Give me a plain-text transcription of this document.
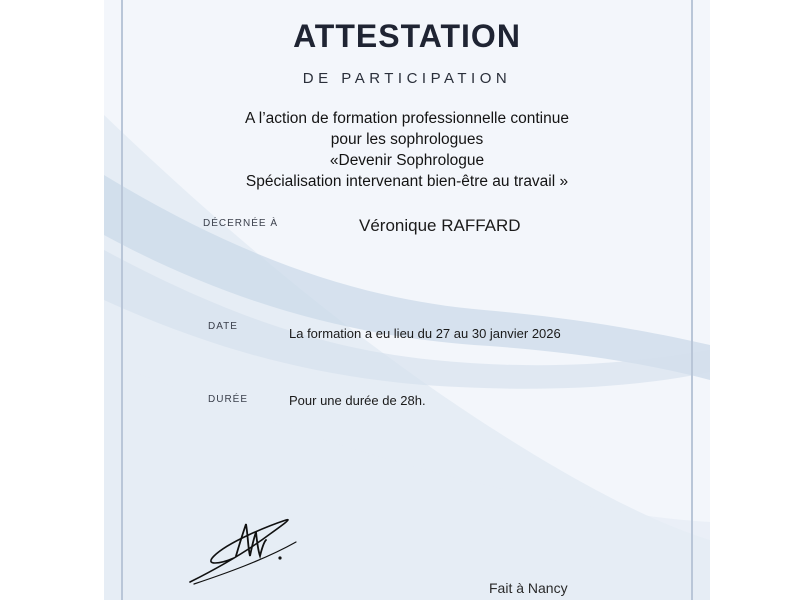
ATTESTATION
DE PARTICIPATION
A l’action de formation professionnelle continue
pour les sophrologues
«Devenir Sophrologue
Spécialisation intervenant bien-être au travail »
DÉCERNÉE À	Véronique RAFFARD
DATE	La formation a eu lieu du 27 au 30 janvier 2026
DURÉE	Pour une durée de 28h.
Fait à Nancy
